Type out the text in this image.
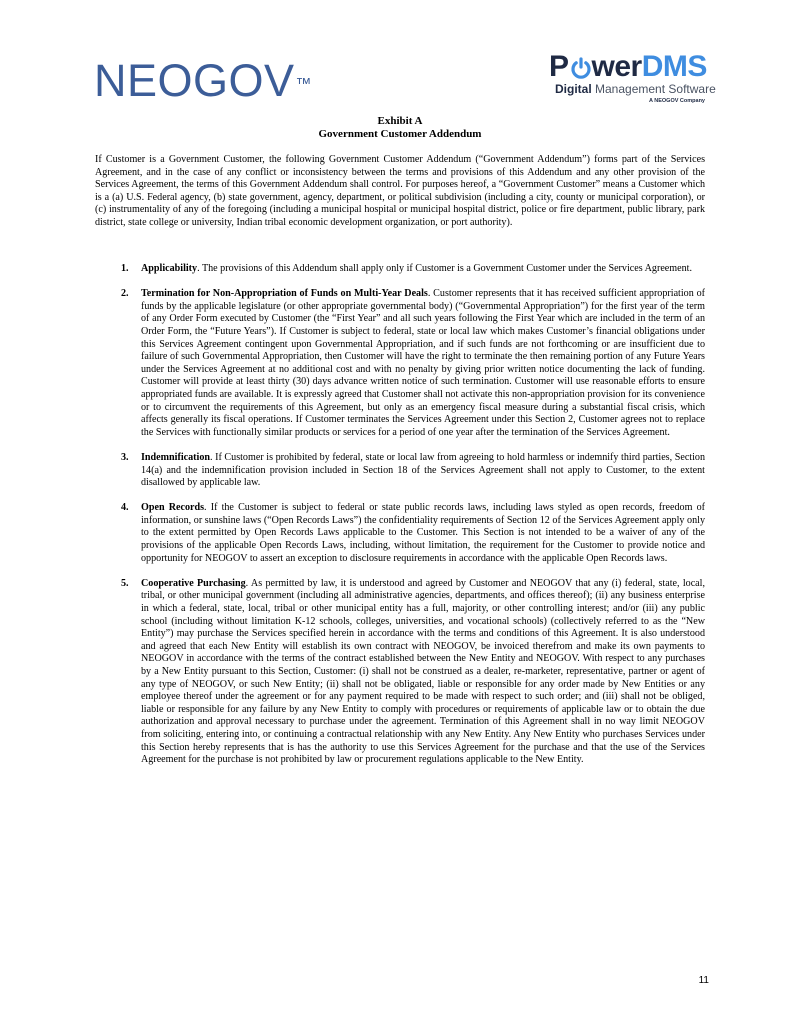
NEOGOV™
P wer DMS
Digital Management Software
A NEOGOV Company
Exhibit A
Government Customer Addendum

If Customer is a Government Customer, the following Government Customer Addendum (“Government Addendum”) forms part of the Services Agreement, and in the case of any conflict or inconsistency between the terms and provisions of this Addendum and any other provision of the Services Agreement, the terms of this Government Addendum shall control. For purposes hereof, a “Government Customer” means a Customer which is a (a) U.S. Federal agency, (b) state government, agency, department, or political subdivision (including a city, county or municipal corporation), or (c) instrumentality of any of the foregoing (including a municipal hospital or municipal hospital district, police or fire department, public library, park district, state college or university, Indian tribal economic development organization, or port authority).

1. Applicability. The provisions of this Addendum shall apply only if Customer is a Government Customer under the Services Agreement.
2. Termination for Non-Appropriation of Funds on Multi-Year Deals. Customer represents that it has received sufficient appropriation of funds by the applicable legislature (or other appropriate governmental body) (“Governmental Appropriation”) for the first year of the term of any Order Form executed by Customer (the “First Year” and all such years following the First Year which are included in the term of an Order Form, the “Future Years”). If Customer is subject to federal, state or local law which makes Customer’s financial obligations under this Services Agreement contingent upon Governmental Appropriation, and if such funds are not forthcoming or are insufficient due to failure of such Governmental Appropriation, then Customer will have the right to terminate the then remaining portion of any Future Years under the Services Agreement at no additional cost and with no penalty by giving prior written notice documenting the lack of funding. Customer will provide at least thirty (30) days advance written notice of such termination. Customer will use reasonable efforts to ensure appropriated funds are available. It is expressly agreed that Customer shall not activate this non-appropriation provision for its convenience or to circumvent the requirements of this Agreement, but only as an emergency fiscal measure during a substantial fiscal crisis, which affects generally its fiscal operations. If Customer terminates the Services Agreement under this Section 2, Customer agrees not to replace the Services with functionally similar products or services for a period of one year after the termination of the Services Agreement.
3. Indemnification. If Customer is prohibited by federal, state or local law from agreeing to hold harmless or indemnify third parties, Section 14(a) and the indemnification provision included in Section 18 of the Services Agreement shall not apply to Customer, to the extent disallowed by applicable law.
4. Open Records. If the Customer is subject to federal or state public records laws, including laws styled as open records, freedom of information, or sunshine laws (“Open Records Laws”) the confidentiality requirements of Section 12 of the Services Agreement apply only to the extent permitted by Open Records Laws applicable to the Customer. This Section is not intended to be a waiver of any of the provisions of the applicable Open Records Laws, including, without limitation, the requirement for the Customer to provide notice and opportunity for NEOGOV to assert an exception to disclosure requirements in accordance with the applicable Open Records laws.
5. Cooperative Purchasing. As permitted by law, it is understood and agreed by Customer and NEOGOV that any (i) federal, state, local, tribal, or other municipal government (including all administrative agencies, departments, and offices thereof); (ii) any business enterprise in which a federal, state, local, tribal or other municipal entity has a full, majority, or other controlling interest; and/or (iii) any public school (including without limitation K-12 schools, colleges, universities, and vocational schools) (collectively referred to as the “New Entity”) may purchase the Services specified herein in accordance with the terms and conditions of this Agreement. It is also understood and agreed that each New Entity will establish its own contract with NEOGOV, be invoiced therefrom and make its own payments to NEOGOV in accordance with the terms of the contract established between the New Entity and NEOGOV. With respect to any purchases by a New Entity pursuant to this Section, Customer: (i) shall not be construed as a dealer, re-marketer, representative, partner or agent of any type of NEOGOV, or such New Entity; (ii) shall not be obligated, liable or responsible for any order made by New Entities or any employee thereof under the agreement or for any payment required to be made with respect to such order; and (iii) shall not be obliged, liable or responsible for any failure by any New Entity to comply with procedures or requirements of applicable law or to obtain the due authorization and approval necessary to purchase under the agreement. Termination of this Agreement shall in no way limit NEOGOV from soliciting, entering into, or continuing a contractual relationship with any New Entity. Any New Entity who purchases Services under this Section hereby represents that is has the authority to use this Services Agreement for the purchase and that the use of the Services Agreement for the purchase is not prohibited by law or procurement regulations applicable to the New Entity.
11
